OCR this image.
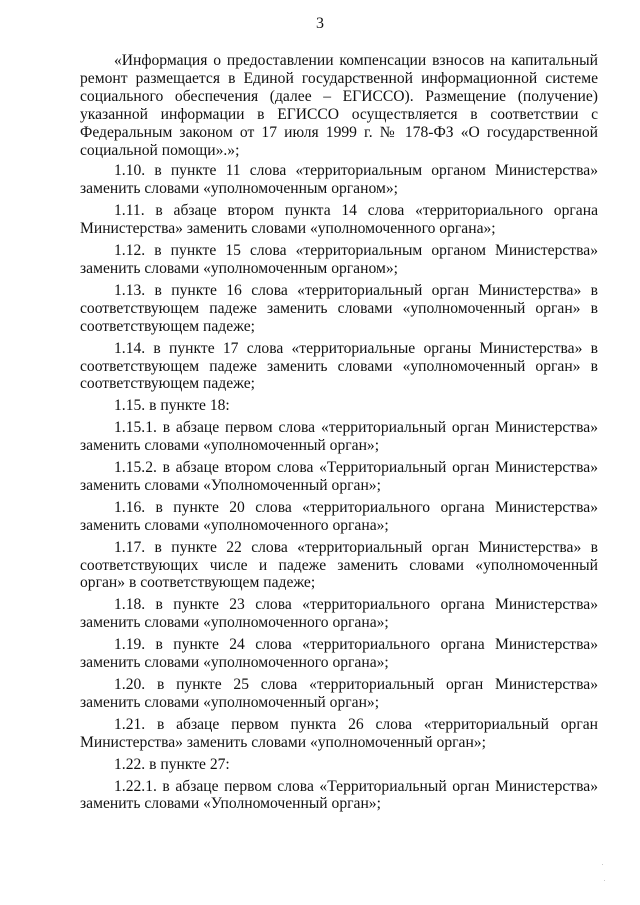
3

«Информация о предоставлении компенсации взносов на капитальный ремонт размещается в Единой государственной информационной системе социального обеспечения (далее – ЕГИССО). Размещение (получение) указанной информации в ЕГИССО осуществляется в соответствии с Федеральным законом от 17 июля 1999 г. № 178-ФЗ «О государственной социальной помощи».»;

1.10. в пункте 11 слова «территориальным органом Министерства» заменить словами «уполномоченным органом»;

1.11. в абзаце втором пункта 14 слова «территориального органа Министерства» заменить словами «уполномоченного органа»;

1.12. в пункте 15 слова «территориальным органом Министерства» заменить словами «уполномоченным органом»;

1.13. в пункте 16 слова «территориальный орган Министерства» в соответствующем падеже заменить словами «уполномоченный орган» в соответствующем падеже;

1.14. в пункте 17 слова «территориальные органы Министерства» в соответствующем падеже заменить словами «уполномоченный орган» в соответствующем падеже;

1.15. в пункте 18:

1.15.1. в абзаце первом слова «территориальный орган Министерства» заменить словами «уполномоченный орган»;

1.15.2. в абзаце втором слова «Территориальный орган Министерства» заменить словами «Уполномоченный орган»;

1.16. в пункте 20 слова «территориального органа Министерства» заменить словами «уполномоченного органа»;

1.17. в пункте 22 слова «территориальный орган Министерства» в соответствующих числе и падеже заменить словами «уполномоченный орган» в соответствующем падеже;

1.18. в пункте 23 слова «территориального органа Министерства» заменить словами «уполномоченного органа»;

1.19. в пункте 24 слова «территориального органа Министерства» заменить словами «уполномоченного органа»;

1.20. в пункте 25 слова «территориальный орган Министерства» заменить словами «уполномоченный орган»;

1.21. в абзаце первом пункта 26 слова «территориальный орган Министерства» заменить словами «уполномоченный орган»;

1.22. в пункте 27:

1.22.1. в абзаце первом слова «Территориальный орган Министерства» заменить словами «Уполномоченный орган»;
